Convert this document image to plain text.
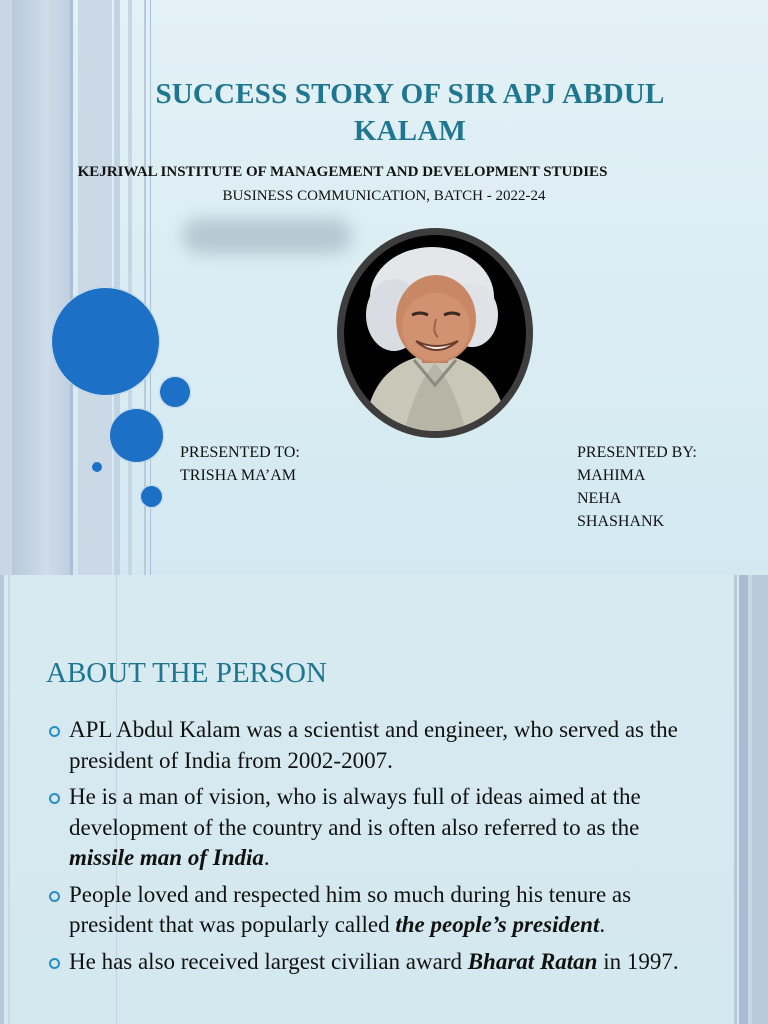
SUCCESS STORY OF SIR APJ ABDUL KALAM
KEJRIWAL INSTITUTE OF MANAGEMENT AND DEVELOPMENT STUDIES
BUSINESS COMMUNICATION, BATCH - 2022-24
PRESENTED TO:
TRISHA MA’AM
PRESENTED BY:
MAHIMA
NEHA
SHASHANK
ABOUT THE PERSON
APL Abdul Kalam was a scientist and engineer, who served as the president of India from 2002-2007.
He is a man of vision, who is always full of ideas aimed at the development of the country and is often also referred to as the missile man of India.
People loved and respected him so much during his tenure as president that was popularly called the people’s president.
He has also received largest civilian award Bharat Ratan in 1997.
